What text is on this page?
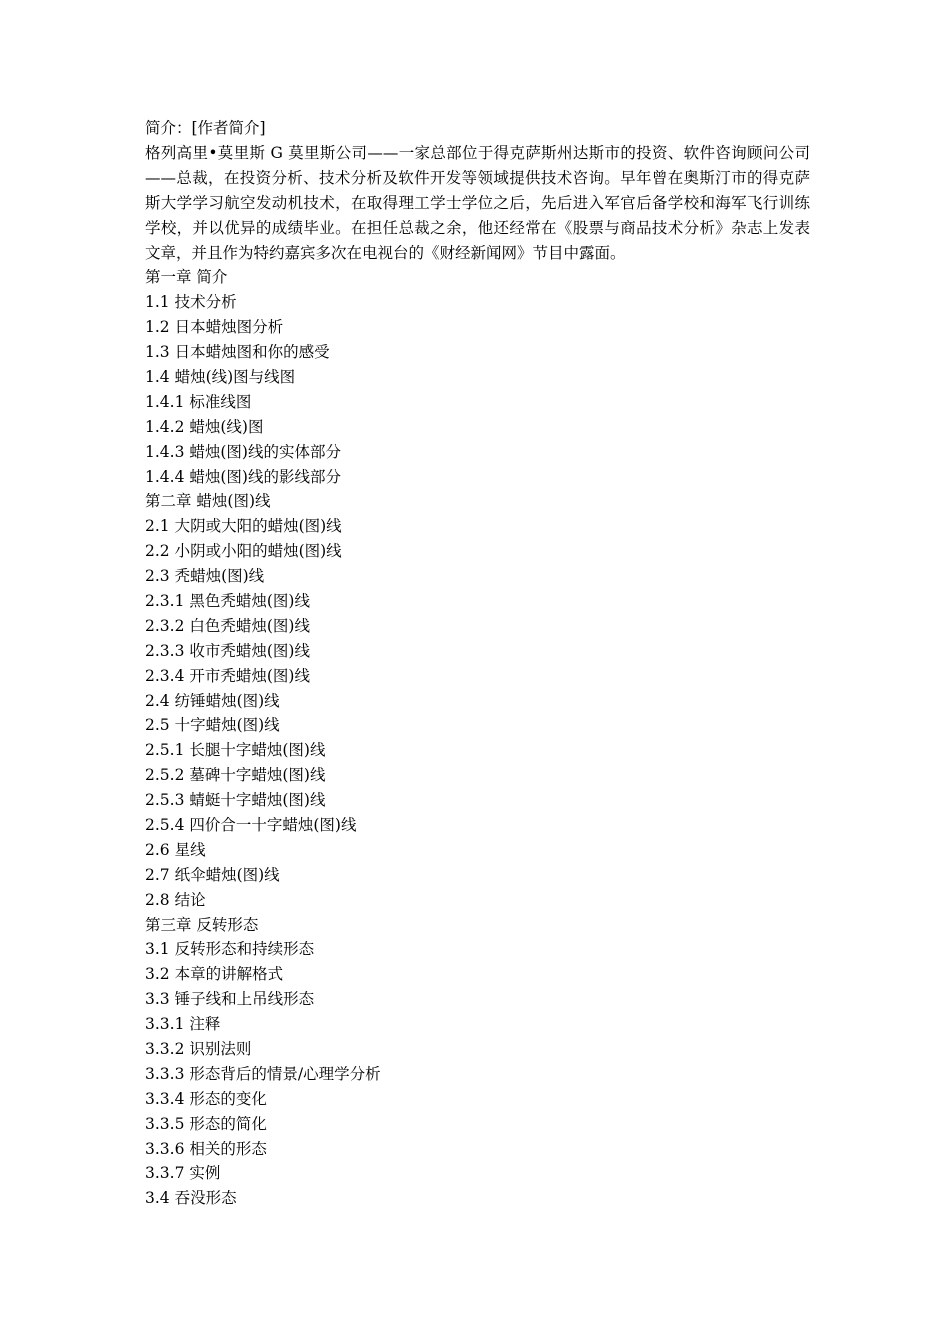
简介：[作者简介]
格列高里•莫里斯 G 莫里斯公司——一家总部位于得克萨斯州达斯市的投资、软件咨询顾问公司——总裁，在投资分析、技术分析及软件开发等领域提供技术咨询。早年曾在奥斯汀市的得克萨斯大学学习航空发动机技术，在取得理工学士学位之后，先后进入军官后备学校和海军飞行训练学校，并以优异的成绩毕业。在担任总裁之余，他还经常在《股票与商品技术分析》杂志上发表文章，并且作为特约嘉宾多次在电视台的《财经新闻网》节目中露面。
第一章 简介
1.1 技术分析
1.2 日本蜡烛图分析
1.3 日本蜡烛图和你的感受
1.4 蜡烛(线)图与线图
1.4.1 标准线图
1.4.2 蜡烛(线)图
1.4.3 蜡烛(图)线的实体部分
1.4.4 蜡烛(图)线的影线部分
第二章 蜡烛(图)线
2.1 大阴或大阳的蜡烛(图)线
2.2 小阴或小阳的蜡烛(图)线
2.3 秃蜡烛(图)线
2.3.1 黑色秃蜡烛(图)线
2.3.2 白色秃蜡烛(图)线
2.3.3 收市秃蜡烛(图)线
2.3.4 开市秃蜡烛(图)线
2.4 纺锤蜡烛(图)线
2.5 十字蜡烛(图)线
2.5.1 长腿十字蜡烛(图)线
2.5.2 墓碑十字蜡烛(图)线
2.5.3 蜻蜓十字蜡烛(图)线
2.5.4 四价合一十字蜡烛(图)线
2.6 星线
2.7 纸伞蜡烛(图)线
2.8 结论
第三章 反转形态
3.1 反转形态和持续形态
3.2 本章的讲解格式
3.3 锤子线和上吊线形态
3.3.1 注释
3.3.2 识别法则
3.3.3 形态背后的情景/心理学分析
3.3.4 形态的变化
3.3.5 形态的简化
3.3.6 相关的形态
3.3.7 实例
3.4 吞没形态
